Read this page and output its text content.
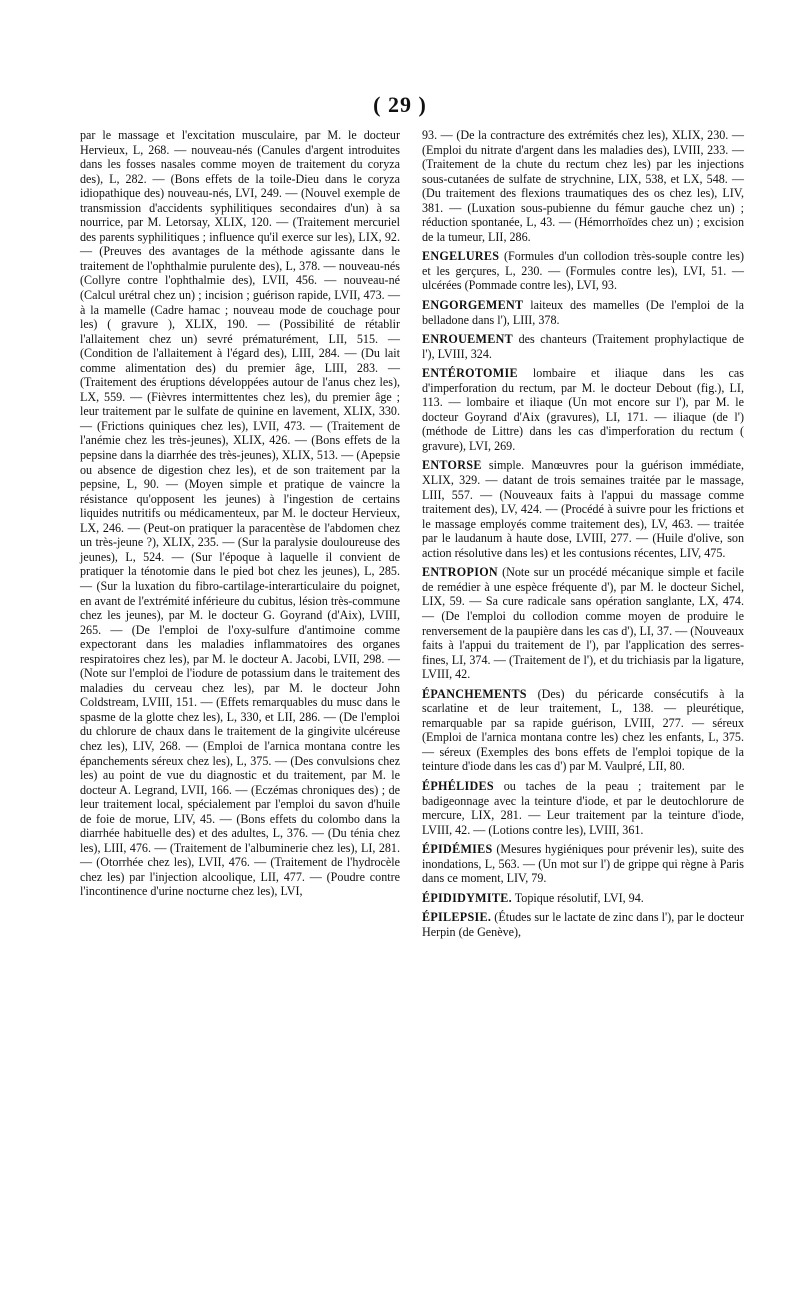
( 29 )

par le massage et l'excitation musculaire, par M. le docteur Hervieux, L, 268. — nouveau-nés (Canules d'argent introduites dans les fosses nasales comme moyen de traitement du coryza des), L, 282. — (Bons effets de la toile-Dieu dans le coryza idiopathique des) nouveau-nés, LVI, 249. — (Nouvel exemple de transmission d'accidents syphilitiques secondaires d'un) à sa nourrice, par M. Letorsay, XLIX, 120. — (Traitement mercuriel des parents syphilitiques ; influence qu'il exerce sur les), LIX, 92. — (Preuves des avantages de la méthode agissante dans le traitement de l'ophthalmie purulente des), L, 378. — nouveau-nés (Collyre contre l'ophthalmie des), LVII, 456. — nouveau-né (Calcul urétral chez un) ; incision ; guérison rapide, LVII, 473. — à la mamelle (Cadre hamac ; nouveau mode de couchage pour les) ( gravure ), XLIX, 190. — (Possibilité de rétablir l'allaitement chez un) sevré prématurément, LII, 515. — (Condition de l'allaitement à l'égard des), LIII, 284. — (Du lait comme alimentation des) du premier âge, LIII, 283. — (Traitement des éruptions développées autour de l'anus chez les), LX, 559. — (Fièvres intermittentes chez les), du premier âge ; leur traitement par le sulfate de quinine en lavement, XLIX, 330. — (Frictions quiniques chez les), LVII, 473. — (Traitement de l'anémie chez les très-jeunes), XLIX, 426. — (Bons effets de la pepsine dans la diarrhée des très-jeunes), XLIX, 513. — (Apepsie ou absence de digestion chez les), et de son traitement par la pepsine, L, 90. — (Moyen simple et pratique de vaincre la résistance qu'opposent les jeunes) à l'ingestion de certains liquides nutritifs ou médicamenteux, par M. le docteur Hervieux, LX, 246. — (Peut-on pratiquer la paracentèse de l'abdomen chez un très-jeune ?), XLIX, 235. — (Sur la paralysie douloureuse des jeunes), L, 524. — (Sur l'époque à laquelle il convient de pratiquer la ténotomie dans le pied bot chez les jeunes), L, 285. — (Sur la luxation du fibro-cartilage-interarticulaire du poignet, en avant de l'extrémité inférieure du cubitus, lésion très-commune chez les jeunes), par M. le docteur G. Goyrand (d'Aix), LVIII, 265. — (De l'emploi de l'oxy-sulfure d'antimoine comme expectorant dans les maladies inflammatoires des organes respiratoires chez les), par M. le docteur A. Jacobi, LVII, 298. — (Note sur l'emploi de l'iodure de potassium dans le traitement des maladies du cerveau chez les), par M. le docteur John Coldstream, LVIII, 151. — (Effets remarquables du musc dans le spasme de la glotte chez les), L, 330, et LII, 286. — (De l'emploi du chlorure de chaux dans le traitement de la gingivite ulcéreuse chez les), LIV, 268. — (Emploi de l'arnica montana contre les épanchements séreux chez les), L, 375. — (Des convulsions chez les) au point de vue du diagnostic et du traitement, par M. le docteur A. Legrand, LVII, 166. — (Eczémas chroniques des) ; de leur traitement local, spécialement par l'emploi du savon d'huile de foie de morue, LIV, 45. — (Bons effets du colombo dans la diarrhée habituelle des) et des adultes, L, 376. — (Du ténia chez les), LIII, 476. — (Traitement de l'albuminerie chez les), LI, 281. — (Otorrhée chez les), LVII, 476. — (Traitement de l'hydrocèle chez les) par l'injection alcoolique, LII, 477. — (Poudre contre l'incontinence d'urine nocturne chez les), LVI,

93. — (De la contracture des extrémités chez les), XLIX, 230. — (Emploi du nitrate d'argent dans les maladies des), LVIII, 233. — (Traitement de la chute du rectum chez les) par les injections sous-cutanées de sulfate de strychnine, LIX, 538, et LX, 548. — (Du traitement des flexions traumatiques des os chez les), LIV, 381. — (Luxation sous-pubienne du fémur gauche chez un) ; réduction spontanée, L, 43. — (Hémorrhoïdes chez un) ; excision de la tumeur, LII, 286.

ENGELURES (Formules d'un collodion très-souple contre les) et les gerçures, L, 230. — (Formules contre les), LVI, 51. — ulcérées (Pommade contre les), LVI, 93.

ENGORGEMENT laiteux des mamelles (De l'emploi de la belladone dans l'), LIII, 378.

ENROUEMENT des chanteurs (Traitement prophylactique de l'), LVIII, 324.

ENTÉROTOMIE lombaire et iliaque dans les cas d'imperforation du rectum, par M. le docteur Debout (fig.), LI, 113. — lombaire et iliaque (Un mot encore sur l'), par M. le docteur Goyrand d'Aix (gravures), LI, 171. — iliaque (de l') (méthode de Littre) dans les cas d'imperforation du rectum ( gravure), LVI, 269.

ENTORSE simple. Manœuvres pour la guérison immédiate, XLIX, 329. — datant de trois semaines traitée par le massage, LIII, 557. — (Nouveaux faits à l'appui du massage comme traitement des), LV, 424. — (Procédé à suivre pour les frictions et le massage employés comme traitement des), LV, 463. — traitée par le laudanum à haute dose, LVIII, 277. — (Huile d'olive, son action résolutive dans les) et les contusions récentes, LIV, 475.

ENTROPION (Note sur un procédé mécanique simple et facile de remédier à une espèce fréquente d'), par M. le docteur Sichel, LIX, 59. — Sa cure radicale sans opération sanglante, LX, 474. — (De l'emploi du collodion comme moyen de produire le renversement de la paupière dans les cas d'), LI, 37. — (Nouveaux faits à l'appui du traitement de l'), par l'application des serres-fines, LI, 374. — (Traitement de l'), et du trichiasis par la ligature, LVIII, 42.

ÉPANCHEMENTS (Des) du péricarde consécutifs à la scarlatine et de leur traitement, L, 138. — pleurétique, remarquable par sa rapide guérison, LVIII, 277. — séreux (Emploi de l'arnica montana contre les) chez les enfants, L, 375. — séreux (Exemples des bons effets de l'emploi topique de la teinture d'iode dans les cas d') par M. Vaulpré, LII, 80.

ÉPHÉLIDES ou taches de la peau ; traitement par le badigeonnage avec la teinture d'iode, et par le deutochlorure de mercure, LIX, 281. — Leur traitement par la teinture d'iode, LVIII, 42. — (Lotions contre les), LVIII, 361.

ÉPIDÉMIES (Mesures hygiéniques pour prévenir les), suite des inondations, L, 563. — (Un mot sur l') de grippe qui règne à Paris dans ce moment, LIV, 79.

ÉPIDIDYMITE. Topique résolutif, LVI, 94.

ÉPILEPSIE. (Études sur le lactate de zinc dans l'), par le docteur Herpin (de Genève),
